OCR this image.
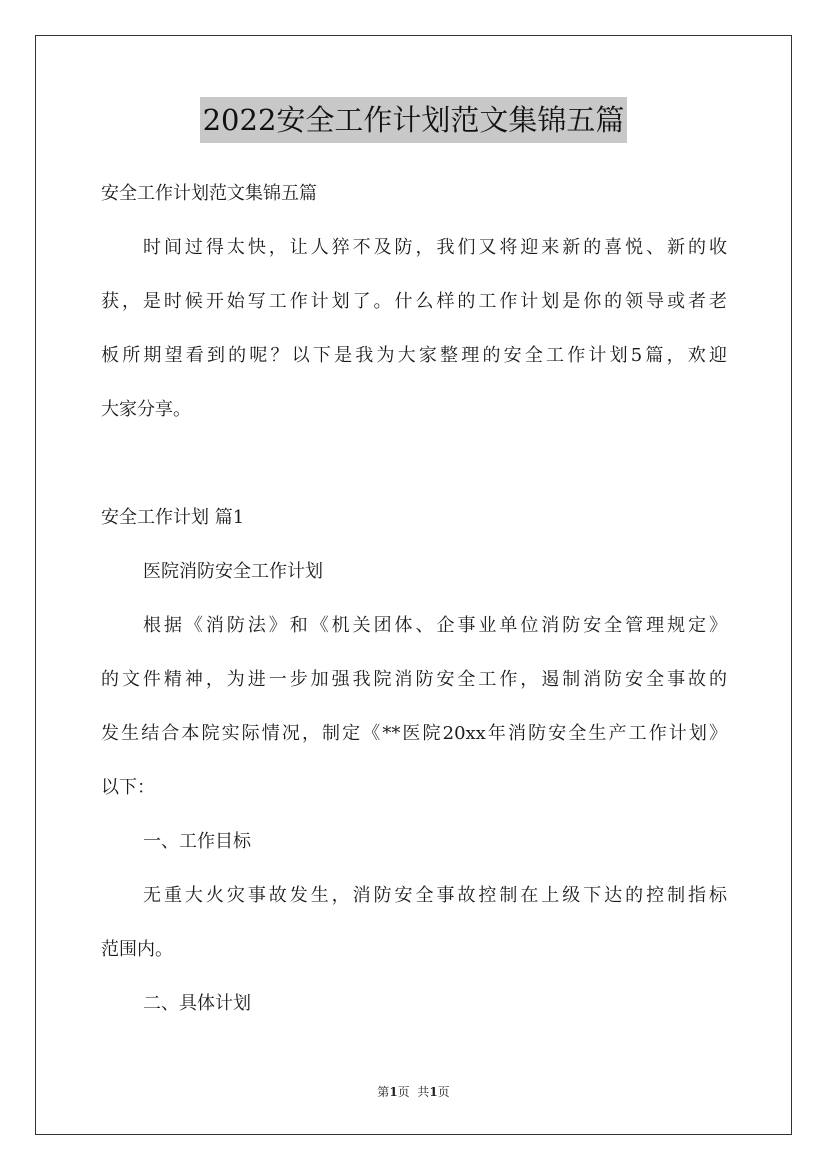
2022安全工作计划范文集锦五篇
安全工作计划范文集锦五篇
时间过得太快，让人猝不及防，我们又将迎来新的喜悦、新的收
获，是时候开始写工作计划了。什么样的工作计划是你的领导或者老
板所期望看到的呢？以下是我为大家整理的安全工作计划5篇，欢迎
大家分享。
安全工作计划 篇1
医院消防安全工作计划
根据《消防法》和《机关团体、企事业单位消防安全管理规定》
的文件精神，为进一步加强我院消防安全工作，遏制消防安全事故的
发生结合本院实际情况，制定《**医院20xx年消防安全生产工作计划》
以下：
一、工作目标
无重大火灾事故发生，消防安全事故控制在上级下达的控制指标
范围内。
二、具体计划
第1页  共1页
